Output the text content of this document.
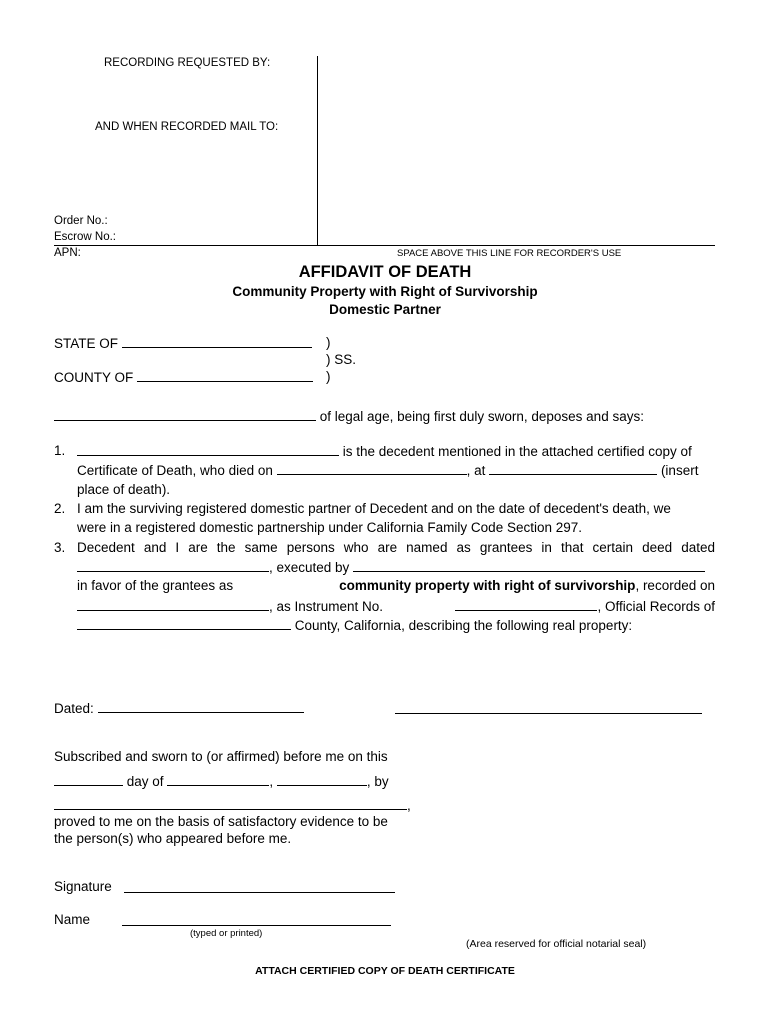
RECORDING REQUESTED BY:
AND WHEN RECORDED MAIL TO:
Order No.:
Escrow No.:
APN:	SPACE ABOVE THIS LINE FOR RECORDER'S USE
AFFIDAVIT OF DEATH
Community Property with Right of Survivorship
Domestic Partner
STATE OF	)
) SS.
COUNTY OF	)
of legal age, being first duly sworn, deposes and says:
1.	is the decedent mentioned in the attached certified copy of
Certificate of Death, who died on	, at	(insert
place of death).
2. I am the surviving registered domestic partner of Decedent and on the date of decedent's death, we
were in a registered domestic partnership under California Family Code Section 297.
3. Decedent and I are the same persons who are named as grantees in that certain deed dated
, executed by
in favor of the grantees as	community property with right of survivorship, recorded on
, as Instrument No.	, Official Records of
County, California, describing the following real property:
Dated:
Subscribed and sworn to (or affirmed) before me on this
day of	,	, by
,
proved to me on the basis of satisfactory evidence to be
the person(s) who appeared before me.
Signature
Name
(typed or printed)
(Area reserved for official notarial seal)
ATTACH CERTIFIED COPY OF DEATH CERTIFICATE
